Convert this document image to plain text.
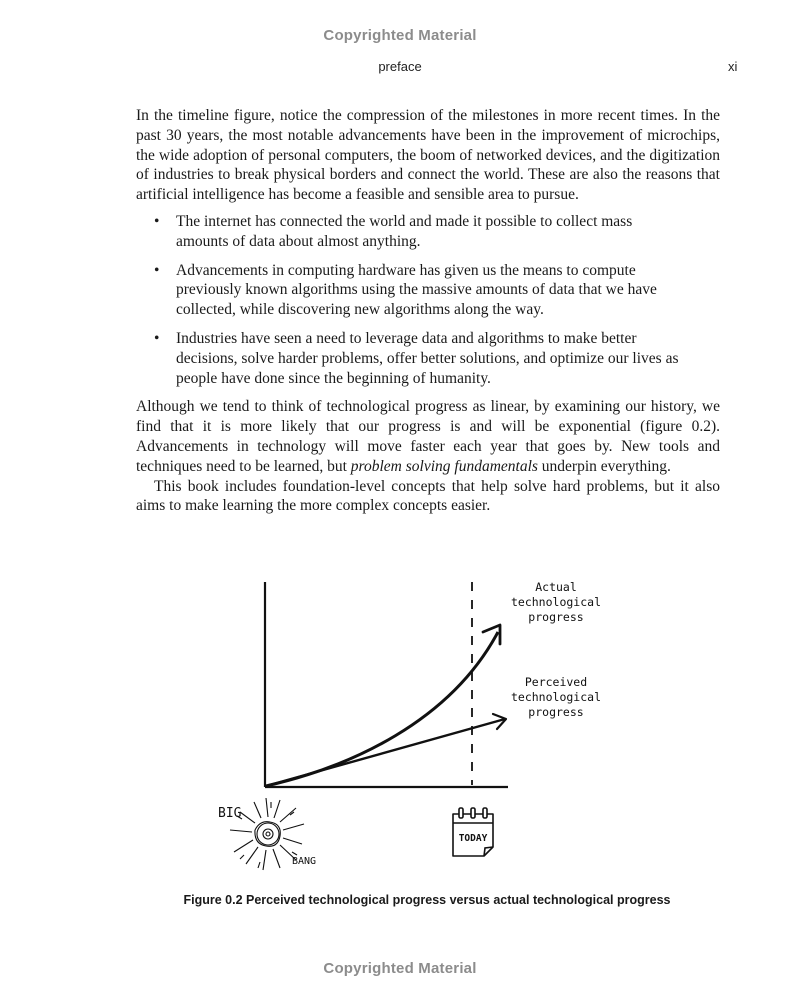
Copyrighted Material
preface	xi

In the timeline figure, notice the compression of the milestones in more recent times. In the past 30 years, the most notable advancements have been in the improvement of microchips, the wide adoption of personal computers, the boom of networked devices, and the digitization of industries to break physical borders and connect the world. These are also the reasons that artificial intelligence has become a feasible and sensible area to pursue.

• The internet has connected the world and made it possible to collect mass amounts of data about almost anything.
• Advancements in computing hardware has given us the means to compute previously known algorithms using the massive amounts of data that we have collected, while discovering new algorithms along the way.
• Industries have seen a need to leverage data and algorithms to make better decisions, solve harder problems, offer better solutions, and optimize our lives as people have done since the beginning of humanity.

Although we tend to think of technological progress as linear, by examining our history, we find that it is more likely that our progress is and will be exponential (figure 0.2). Advancements in technology will move faster each year that goes by. New tools and techniques need to be learned, but problem solving fundamentals underpin everything.

This book includes foundation-level concepts that help solve hard problems, but it also aims to make learning the more complex concepts easier.

Actual
technological
progress
Perceived
technological
progress
BIG
BANG
TODAY
Figure 0.2 Perceived technological progress versus actual technological progress
Copyrighted Material
